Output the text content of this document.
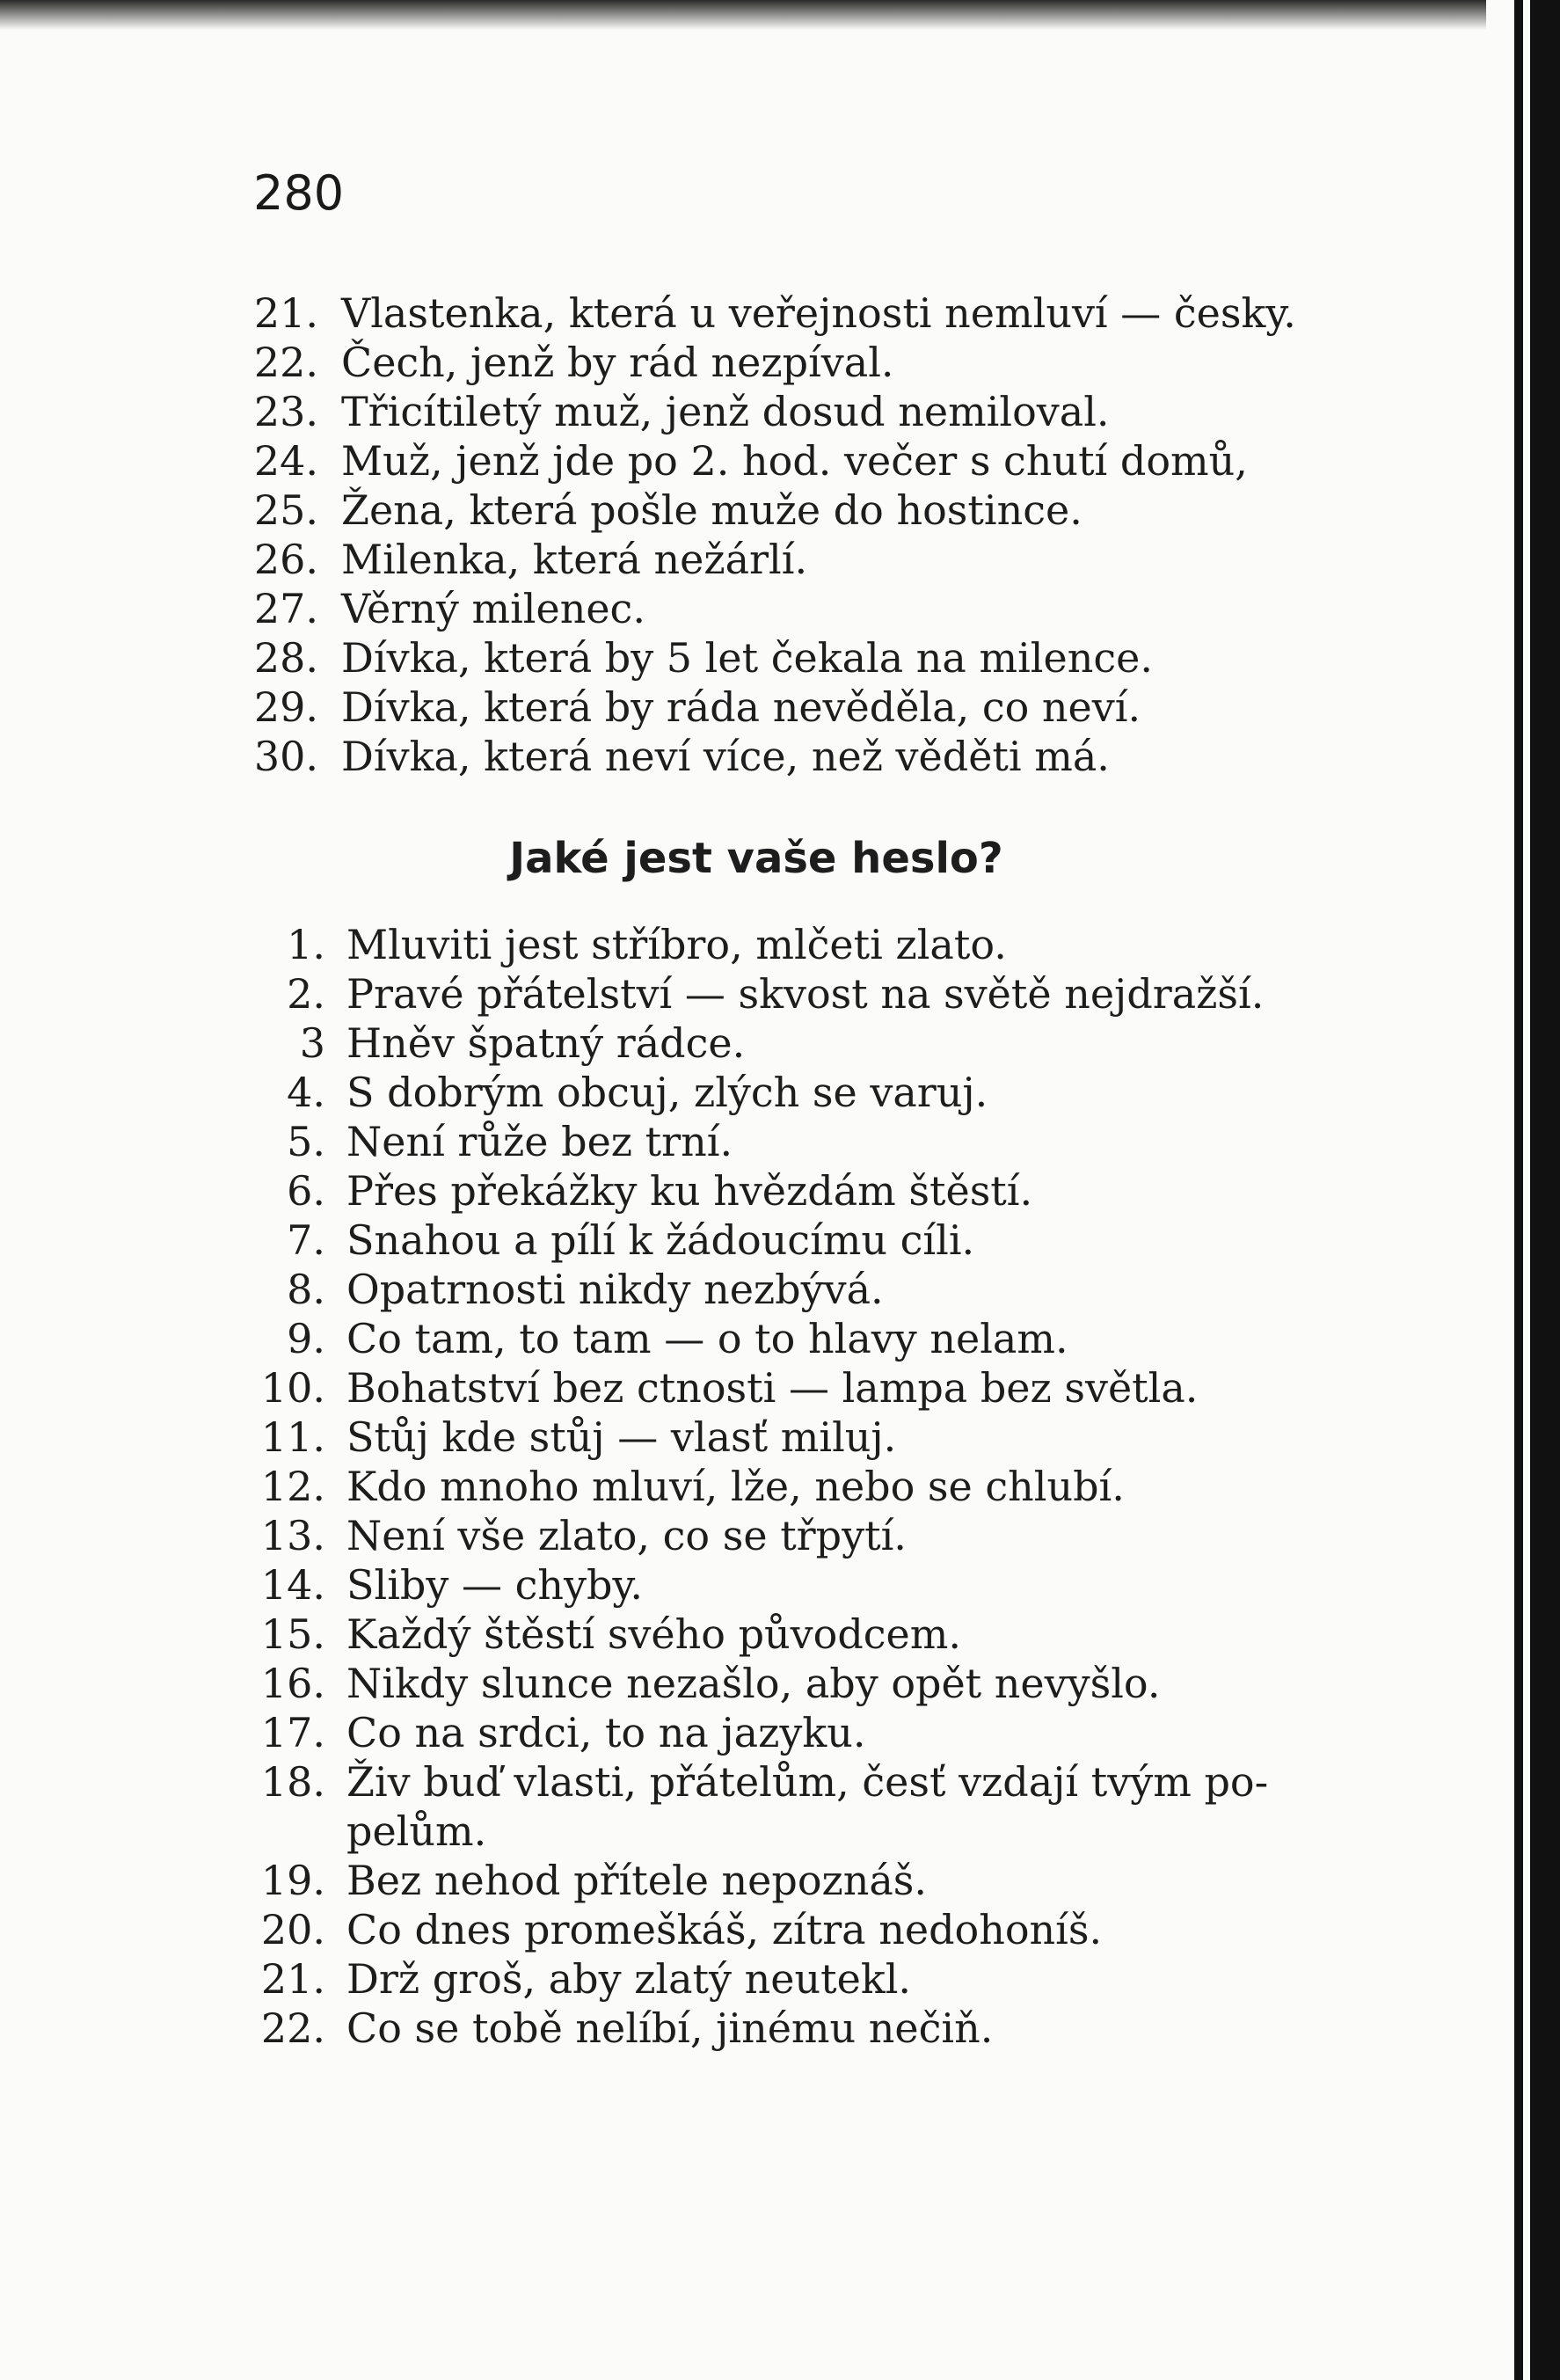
280
21. Vlastenka, která u veřejnosti nemluví — česky.
22. Čech, jenž by rád nezpíval.
23. Třicítiletý muž, jenž dosud nemiloval.
24. Muž, jenž jde po 2. hod. večer s chutí domů,
25. Žena, která pošle muže do hostince.
26. Milenka, která nežárlí.
27. Věrný milenec.
28. Dívka, která by 5 let čekala na milence.
29. Dívka, která by ráda nevěděla, co neví.
30. Dívka, která neví více, než věděti má.
Jaké jest vaše heslo?
1. Mluviti jest stříbro, mlčeti zlato.
2. Pravé přátelství — skvost na světě nejdražší.
3 Hněv špatný rádce.
4. S dobrým obcuj, zlých se varuj.
5. Není růže bez trní.
6. Přes překážky ku hvězdám štěstí.
7. Snahou a pílí k žádoucímu cíli.
8. Opatrnosti nikdy nezbývá.
9. Co tam, to tam — o to hlavy nelam.
10. Bohatství bez ctnosti — lampa bez světla.
11. Stůj kde stůj — vlasť miluj.
12. Kdo mnoho mluví, lže, nebo se chlubí.
13. Není vše zlato, co se třpytí.
14. Sliby — chyby.
15. Každý štěstí svého původcem.
16. Nikdy slunce nezašlo, aby opět nevyšlo.
17. Co na srdci, to na jazyku.
18. Živ buď vlasti, přátelům, česť vzdají tvým po-
pelům.
19. Bez nehod přítele nepoznáš.
20. Co dnes promeškáš, zítra nedohoníš.
21. Drž groš, aby zlatý neutekl.
22. Co se tobě nelíbí, jinému nečiň.
